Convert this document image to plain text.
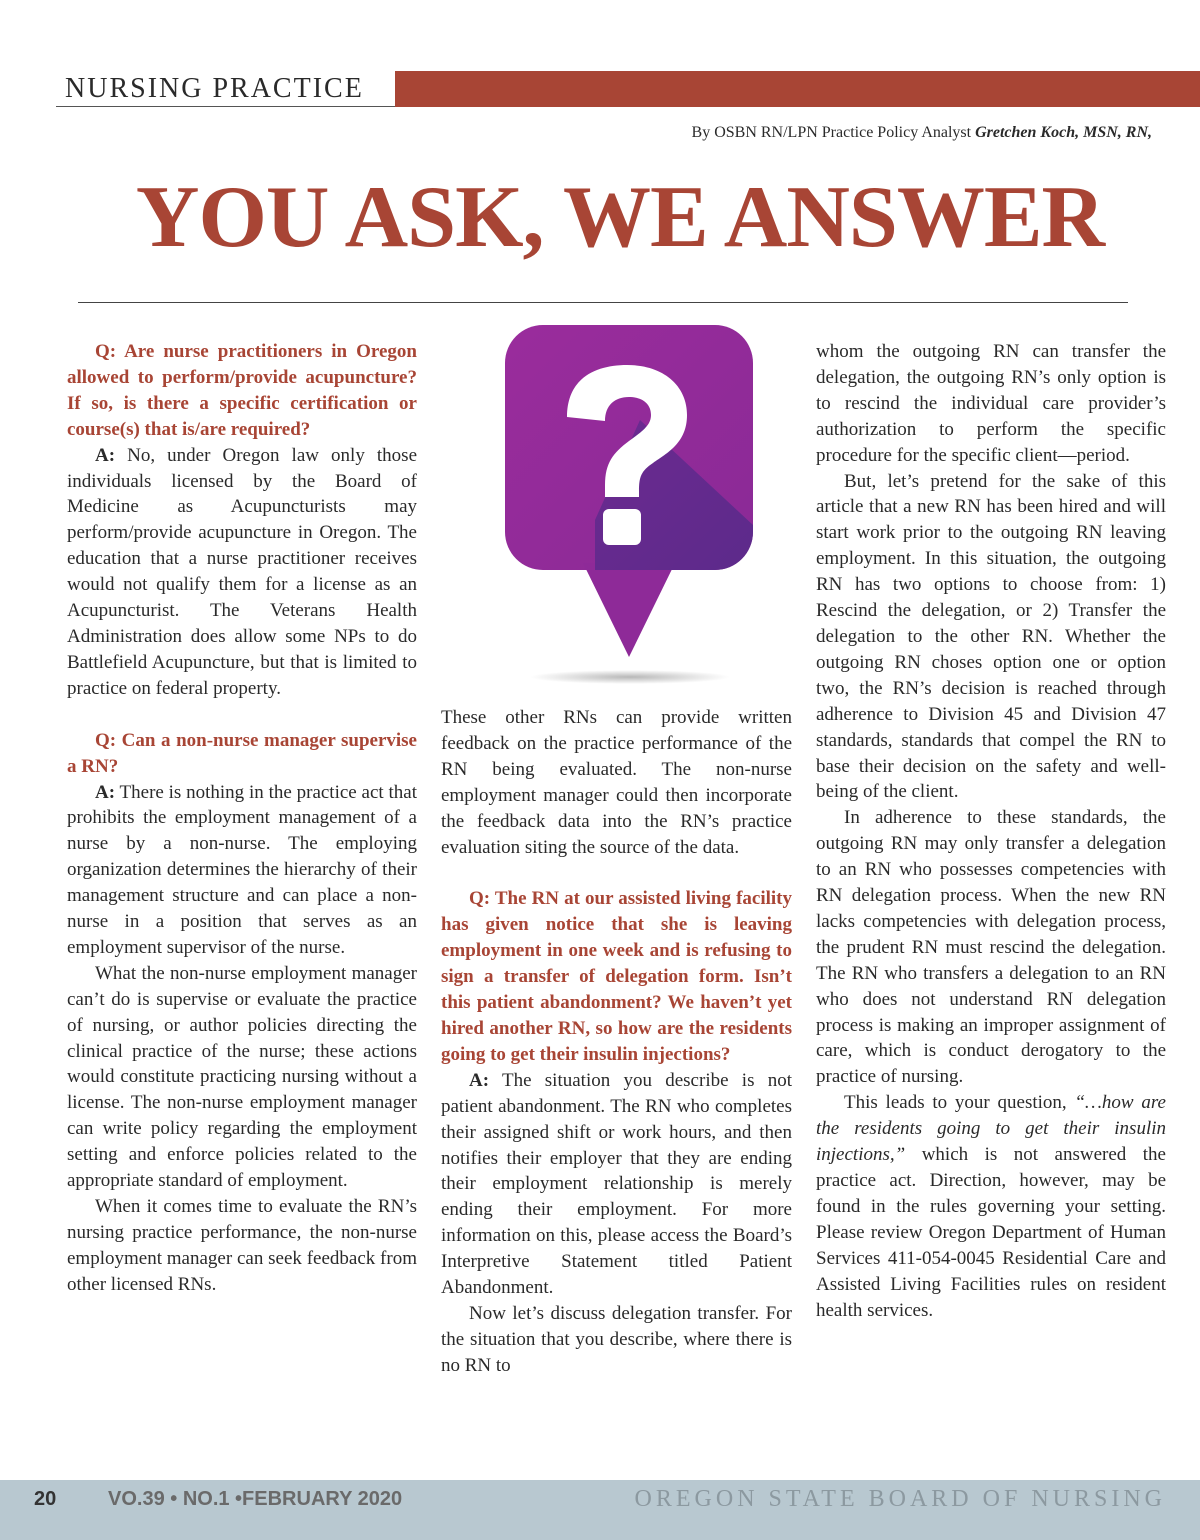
NURSING PRACTICE
By OSBN RN/LPN Practice Policy Analyst Gretchen Koch, MSN, RN,
YOU ASK, WE ANSWER

Q: Are nurse practitioners in Oregon allowed to perform/provide acupuncture? If so, is there a specific certification or course(s) that is/are required?

A: No, under Oregon law only those individuals licensed by the Board of Medicine as Acupuncturists may perform/provide acupuncture in Oregon. The education that a nurse practitioner receives would not qualify them for a license as an Acupuncturist. The Veterans Health Administration does allow some NPs to do Battlefield Acupuncture, but that is limited to practice on federal property.

Q: Can a non-nurse manager supervise a RN?

A: There is nothing in the practice act that prohibits the employment management of a nurse by a non-nurse. The employing organization determines the hierarchy of their management structure and can place a non-nurse in a position that serves as an employment supervisor of the nurse.

What the non-nurse employment manager can’t do is supervise or evaluate the practice of nursing, or author policies directing the clinical practice of the nurse; these actions would constitute practicing nursing without a license. The non-nurse employment manager can write policy regarding the employment setting and enforce policies related to the appropriate standard of employment.

When it comes time to evaluate the RN’s nursing practice performance, the non-nurse employment manager can seek feedback from other licensed RNs.

These other RNs can provide written feedback on the practice performance of the RN being evaluated. The non-nurse employment manager could then incorporate the feedback data into the RN’s practice evaluation siting the source of the data.

Q: The RN at our assisted living facility has given notice that she is leaving employment in one week and is refusing to sign a transfer of delegation form. Isn’t this patient abandonment? We haven’t yet hired another RN, so how are the residents going to get their insulin injections?

A: The situation you describe is not patient abandonment. The RN who completes their assigned shift or work hours, and then notifies their employer that they are ending their employment relationship is merely ending their employment. For more information on this, please access the Board’s Interpretive Statement titled Patient Abandonment.

Now let’s discuss delegation transfer. For the situation that you describe, where there is no RN to

whom the outgoing RN can transfer the delegation, the outgoing RN’s only option is to rescind the individual care provider’s authorization to perform the specific procedure for the specific client—period.

But, let’s pretend for the sake of this article that a new RN has been hired and will start work prior to the outgoing RN leaving employment. In this situation, the outgoing RN has two options to choose from: 1) Rescind the delegation, or 2) Transfer the delegation to the other RN. Whether the outgoing RN choses option one or option two, the RN’s decision is reached through adherence to Division 45 and Division 47 standards, standards that compel the RN to base their decision on the safety and well-being of the client.

In adherence to these standards, the outgoing RN may only transfer a delegation to an RN who possesses competencies with RN delegation process. When the new RN lacks competencies with delegation process, the prudent RN must rescind the delegation. The RN who transfers a delegation to an RN who does not understand RN delegation process is making an improper assignment of care, which is conduct derogatory to the practice of nursing.

This leads to your question, “…how are the residents going to get their insulin injections,” which is not answered the practice act. Direction, however, may be found in the rules governing your setting. Please review Oregon Department of Human Services 411-054-0045 Residential Care and Assisted Living Facilities rules on resident health services.

20	VO.39 • NO.1 •FEBRUARY 2020	OREGON STATE BOARD OF NURSING
